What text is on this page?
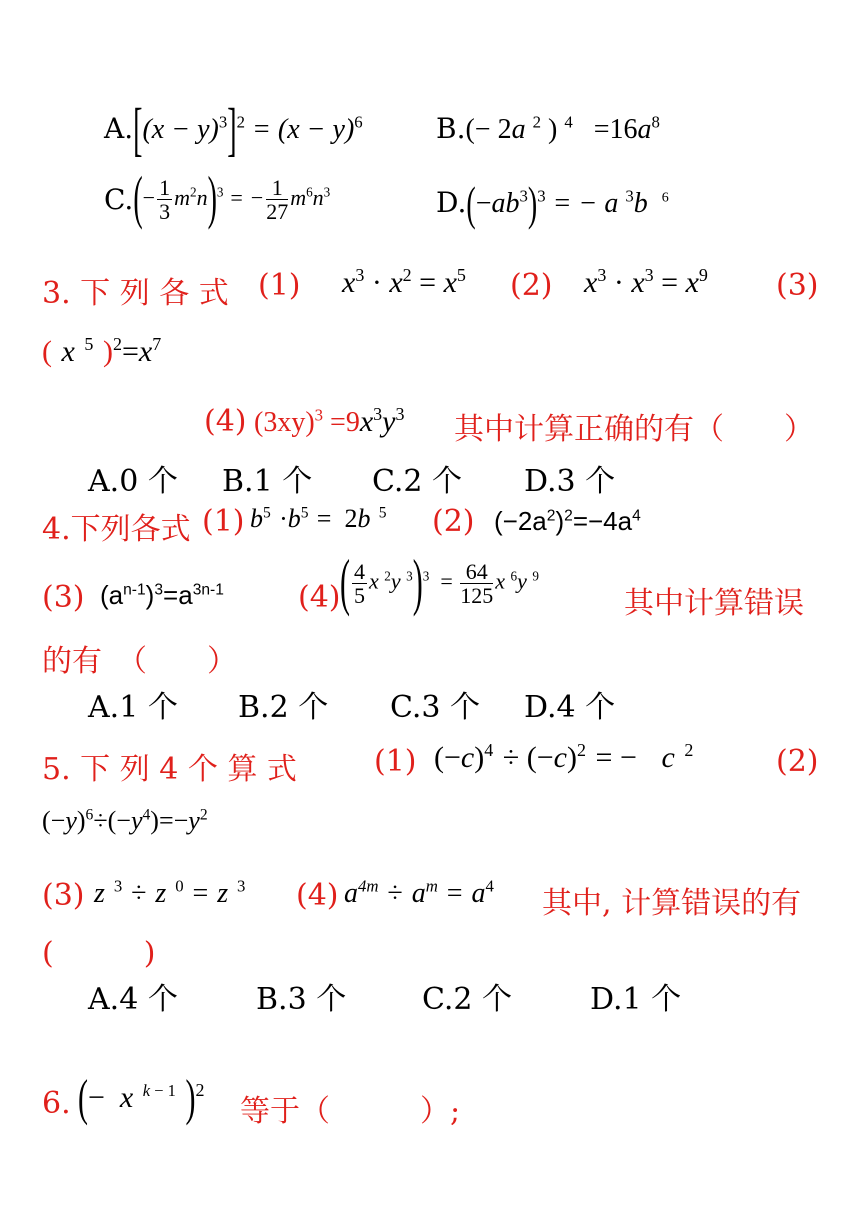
$A.[(x - y)^3]^2 = (x - y)^6$	B.(− 2a $^2$ ) $^4 =16a^8$
$C.(- \frac{1}{3} m^2n)^3$ = − $\frac{1}{27} m^6n^3$	$D.(-ab^3)^3$ = − a $^3$b  $^6$
3. 下 列 各 式 (1) $x^3 \cdot x^2 = x^5$ (2) $x^3 \cdot x^3 = x^9$ (3)
( x $^5$ )$^2=x^7$
(4) $(3xy)^3 =9x^3y^3$ 其中计算正确的有（　　）
A.0 个 B.1 个 C.2 个 D.3 个
4.下列各式 (1) $b^5 \cdot b^5 = 2b$ $^5$ (2) $(-2a^2)^2=-4a^4$
(3) $(a^{n-1})^3=a^{3n-1}$ (4) ( $\frac{4}{5}$ x $^2$y $^3)^3 = \frac{64}{125}$ x $^6$y $^9$
其中计算错误
的有　（　　）
A.1 个 B.2 个 C.3 个 D.4 个
5. 下 列 4 个 算 式	(1) $(-c)^4 \div (-c)^2$ = −   c $^2$	(2)
$(-y)^6\div(-y^4)=-y^2$
(3) z $^3$ ÷ z $^0$ = z $^3$ (4) $a^{4m} \div a^m = a^4$ 其中, 计算错误的有
(　　　)
A.4 个	B.3 个	C.2 个	D.1 个
6. (−  x $^{k - 1}$ )$^2$
等于（　　　）;
